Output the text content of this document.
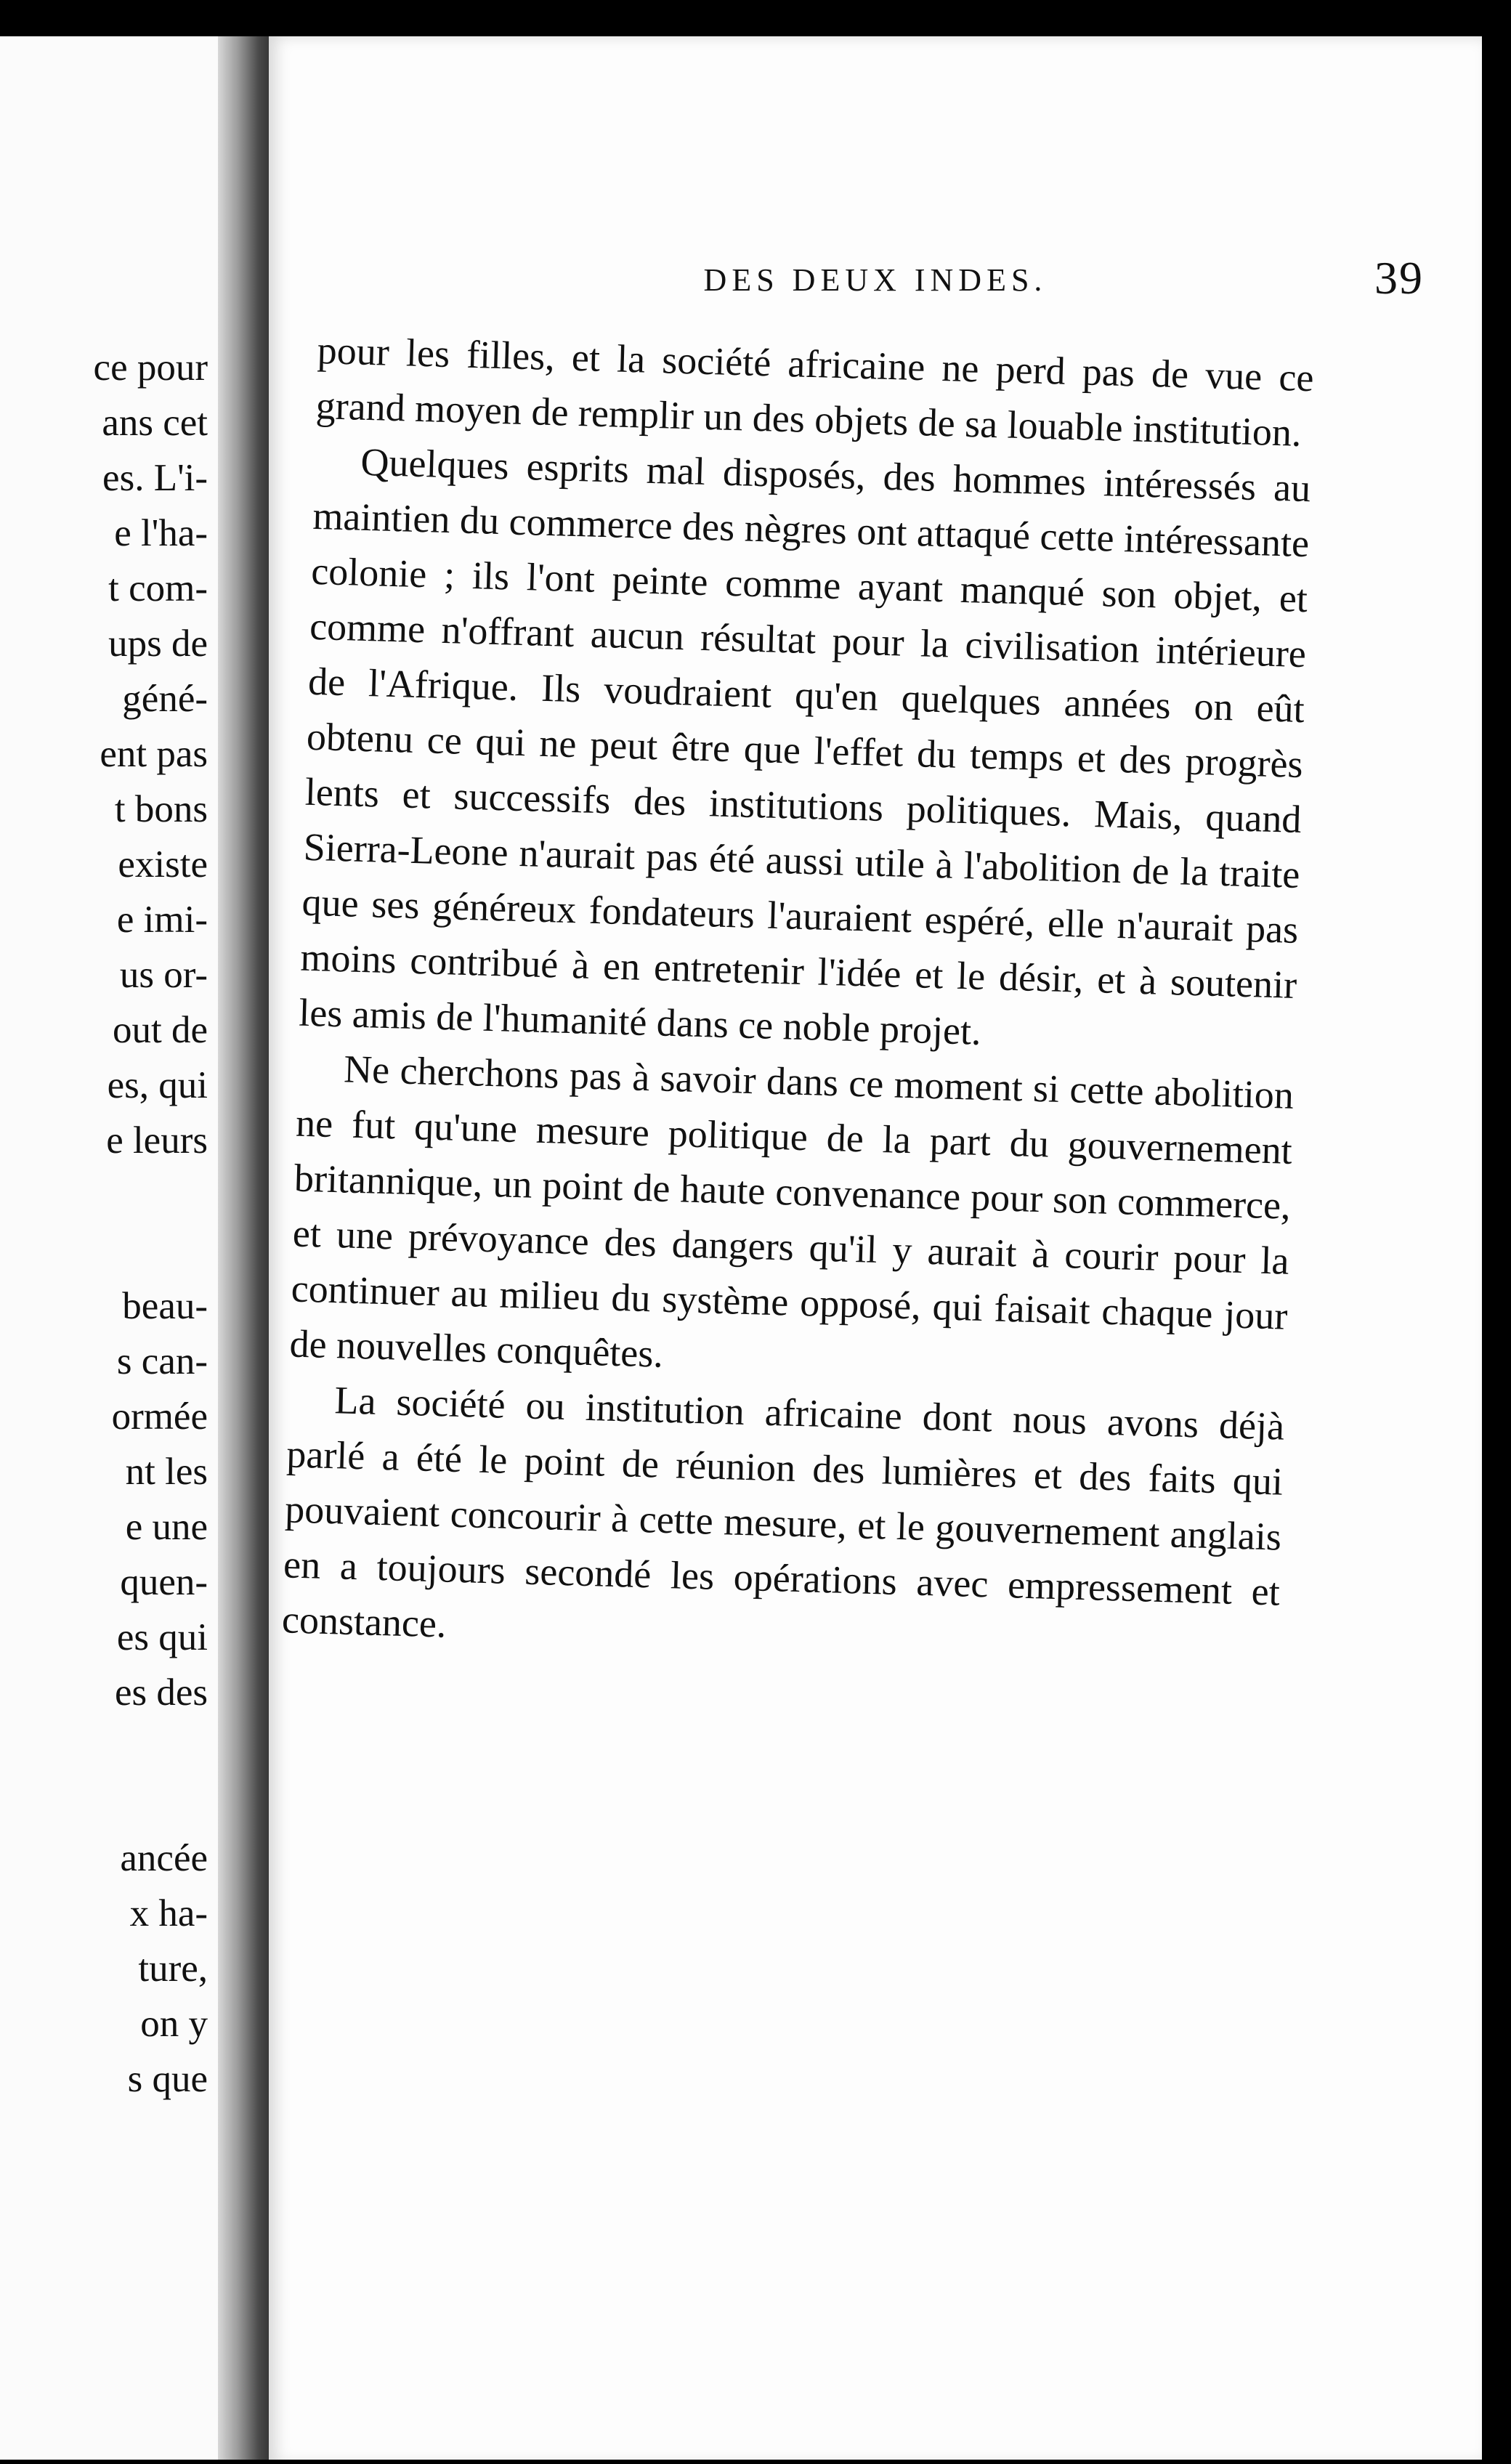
ce pour
ans cet
es. L'i-
e l'ha-
t com-
ups de
géné-
ent pas
t bons
existe
e imi-
us or-
out de
es, qui
e leurs
beau-
s can-
ormée
nt les
e une
quen-
es qui
es des
ancée
x ha-
ture,
on y
s que
DES DEUX INDES.	39

pour les filles, et la société africaine ne perd pas de vue ce grand moyen de remplir un des objets de sa louable institution.

Quelques esprits mal disposés, des hommes intéressés au maintien du commerce des nègres ont attaqué cette intéressante colonie ; ils l'ont peinte comme ayant manqué son objet, et comme n'offrant aucun résultat pour la civilisation intérieure de l'Afrique. Ils voudraient qu'en quelques années on eût obtenu ce qui ne peut être que l'effet du temps et des progrès lents et successifs des institutions politiques. Mais, quand Sierra-Leone n'aurait pas été aussi utile à l'abolition de la traite que ses généreux fondateurs l'auraient espéré, elle n'aurait pas moins contribué à en entretenir l'idée et le désir, et à soutenir les amis de l'humanité dans ce noble projet.

Ne cherchons pas à savoir dans ce moment si cette abolition ne fut qu'une mesure politique de la part du gouvernement britannique, un point de haute convenance pour son commerce, et une prévoyance des dangers qu'il y aurait à courir pour la continuer au milieu du système opposé, qui faisait chaque jour de nouvelles conquêtes.

La société ou institution africaine dont nous avons déjà parlé a été le point de réunion des lumières et des faits qui pouvaient concourir à cette mesure, et le gouvernement anglais en a toujours secondé les opérations avec empressement et constance.
